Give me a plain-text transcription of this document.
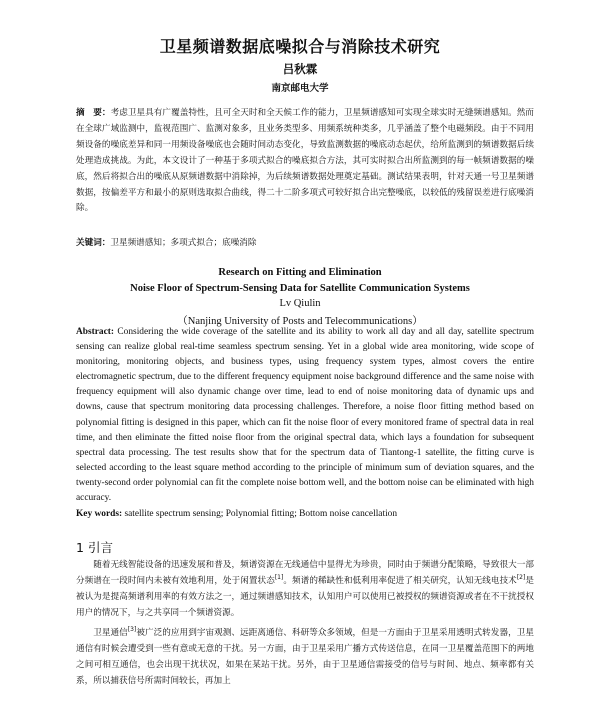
卫星频谱数据底噪拟合与消除技术研究
吕秋霖
南京邮电大学
摘　要：考虑卫星具有广覆盖特性，且可全天时和全天候工作的能力，卫星频谱感知可实现全球实时无缝频谱感知。然而在全球广域监测中，监视范围广、监测对象多，且业务类型多、用频系统种类多，几乎涵盖了整个电磁频段。由于不同用频设备的噪底差异和同一用频设备噪底也会随时间动态变化，导致监测数据的噪底动态起伏，给所监测到的频谱数据后续处理造成挑战。为此，本文设计了一种基于多项式拟合的噪底拟合方法，其可实时拟合出所监测到的每一帧频谱数据的噪底，然后将拟合出的噪底从原频谱数据中消除掉，为后续频谱数据处理奠定基础。测试结果表明，针对天通一号卫星频谱数据，按偏差平方和最小的原则选取拟合曲线，得二十二阶多项式可较好拟合出完整噪底，以较低的残留误差进行底噪消除。
关键词：卫星频谱感知；多项式拟合；底噪消除
Research on Fitting and Elimination
Noise Floor of Spectrum-Sensing Data for Satellite Communication Systems
Lv Qiulin
（Nanjing University of Posts and Telecommunications）
Abstract: Considering the wide coverage of the satellite and its ability to work all day and all day, satellite spectrum sensing can realize global real-time seamless spectrum sensing. Yet in a global wide area monitoring, wide scope of monitoring, monitoring objects, and business types, using frequency system types, almost covers the entire electromagnetic spectrum, due to the different frequency equipment noise background difference and the same noise with frequency equipment will also dynamic change over time, lead to end of noise monitoring data of dynamic ups and downs, cause that spectrum monitoring data processing challenges. Therefore, a noise floor fitting method based on polynomial fitting is designed in this paper, which can fit the noise floor of every monitored frame of spectral data in real time, and then eliminate the fitted noise floor from the original spectral data, which lays a foundation for subsequent spectral data processing. The test results show that for the spectrum data of Tiantong-1 satellite, the fitting curve is selected according to the least square method according to the principle of minimum sum of deviation squares, and the twenty-second order polynomial can fit the complete noise bottom well, and the bottom noise can be eliminated with high accuracy.
Key words: satellite spectrum sensing; Polynomial fitting; Bottom noise cancellation
1 引言

随着无线智能设备的迅速发展和普及，频谱资源在无线通信中显得尤为珍贵，同时由于频谱分配策略，导致很大一部分频谱在一段时间内未被有效地利用，处于闲置状态[1]。频谱的稀缺性和低利用率促进了相关研究，认知无线电技术[2]是被认为是提高频谱利用率的有效方法之一，通过频谱感知技术，认知用户可以使用已被授权的频谱资源或者在不干扰授权用户的情况下，与之共享同一个频谱资源。

卫星通信[3]被广泛的应用到宇宙观测、远距离通信、科研等众多领域，但是一方面由于卫星采用透明式转发器，卫星通信有时候会遭受到一些有意或无意的干扰。另一方面，由于卫星采用广播方式传送信息，在同一卫星覆盖范围下的两地之间可相互通信，也会出现干扰状况，如果在某站干扰。另外，由于卫星通信需接受的信号与时间、地点、频率都有关系，所以捕获信号所需时间较长，再加上
